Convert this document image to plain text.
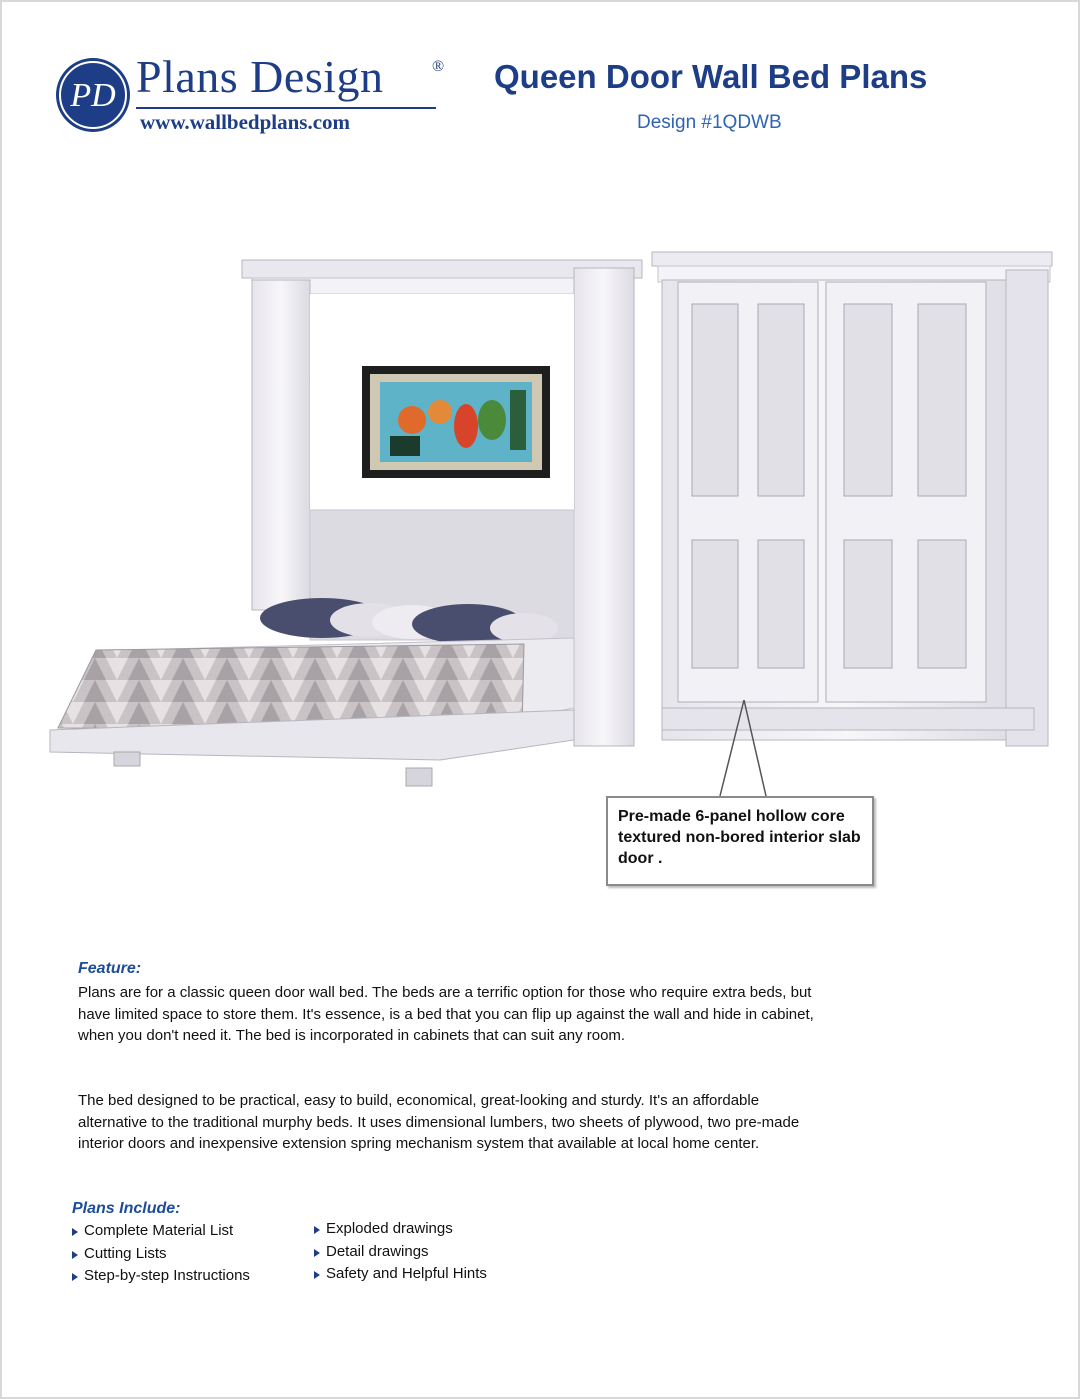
PD Plans Design	®
www.wallbedplans.com
Queen Door Wall Bed Plans
Design #1QDWB
Pre-made 6-panel hollow core textured non-bored interior slab door .
Feature:
Plans are for a classic queen door wall bed. The beds are a terrific option for those who require extra beds, but have limited space to store them. It's essence, is a bed that you can flip up against the wall and hide in cabinet, when you don't need it. The bed is incorporated in cabinets that can suit any room.
The bed designed to be practical, easy to build, economical, great-looking and sturdy. It's an affordable alternative to the traditional murphy beds. It uses dimensional lumbers, two sheets of plywood, two pre-made interior doors and inexpensive extension spring mechanism system that available at local home center.
Plans Include:
Complete Material List
Cutting Lists
Step-by-step Instructions
Exploded drawings
Detail drawings
Safety and Helpful Hints
